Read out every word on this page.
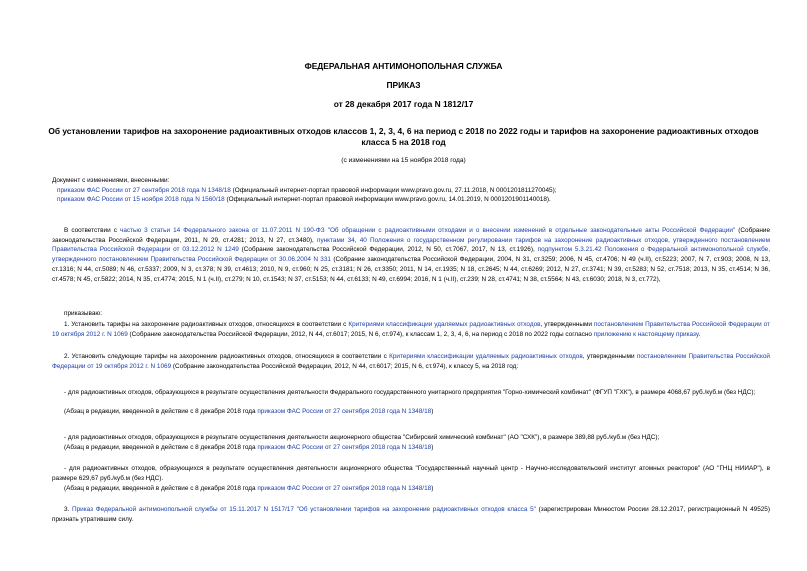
ФЕДЕРАЛЬНАЯ АНТИМОНОПОЛЬНАЯ СЛУЖБА
ПРИКАЗ
от 28 декабря 2017 года N 1812/17
Об установлении тарифов на захоронение радиоактивных отходов классов 1, 2, 3, 4, 6 на период с 2018 по 2022 годы и тарифов на захоронение радиоактивных отходов класса 5 на 2018 год
(с изменениями на 15 ноября 2018 года)
Документ с изменениями, внесенными:
приказом ФАС России от 27 сентября 2018 года N 1348/18 (Официальный интернет-портал правовой информации www.pravo.gov.ru, 27.11.2018, N 0001201811270045);
приказом ФАС России от 15 ноября 2018 года N 1560/18 (Официальный интернет-портал правовой информации www.pravo.gov.ru, 14.01.2019, N 0001201901140018).
В соответствии с частью 3 статьи 14 Федерального закона от 11.07.2011 N 190-ФЗ "Об обращении с радиоактивными отходами и о внесении изменений в отдельные законодательные акты Российской Федерации" (Собрание законодательства Российской Федерации, 2011, N 29, ст.4281; 2013, N 27, ст.3480), пунктами 34, 40 Положения о государственном регулировании тарифов на захоронение радиоактивных отходов, утвержденного постановлением Правительства Российской Федерации от 03.12.2012 N 1249 (Собрание законодательства Российской Федерации, 2012, N 50, ст.7067, 2017, N 13, ст.1926), подпунктом 5.3.21.42 Положения о Федеральной антимонопольной службе, утвержденного постановлением Правительства Российской Федерации от 30.06.2004 N 331 (Собрание законодательства Российской Федерации, 2004, N 31, ст.3259; 2006, N 45, ст.4706; N 49 (ч.II), ст.5223; 2007, N 7, ст.903; 2008, N 13, ст.1316; N 44, ст.5089; N 46, ст.5337; 2009, N 3, ст.378; N 39, ст.4613; 2010, N 9, ст.960; N 25, ст.3181; N 26, ст.3350; 2011, N 14, ст.1935; N 18, ст.2645; N 44, ст.6269; 2012, N 27, ст.3741; N 39, ст.5283; N 52, ст.7518; 2013, N 35, ст.4514; N 36, ст.4578; N 45, ст.5822; 2014, N 35, ст.4774; 2015, N 1 (ч.II), ст.279; N 10, ст.1543; N 37, ст.5153; N 44, ст.6133; N 49, ст.6994; 2016, N 1 (ч.II), ст.239; N 28, ст.4741; N 38, ст.5564; N 43, ст.6030; 2018, N 3, ст.772),
приказываю:
1. Установить тарифы на захоронение радиоактивных отходов, относящихся в соответствии с Критериями классификации удаляемых радиоактивных отходов, утвержденными постановлением Правительства Российской Федерации от 19 октября 2012 г. N 1069 (Собрание законодательства Российской Федерации, 2012, N 44, ст.6017; 2015, N 6, ст.974), к классам 1, 2, 3, 4, 6, на период с 2018 по 2022 годы согласно приложению к настоящему приказу.
2. Установить следующие тарифы на захоронение радиоактивных отходов, относящихся в соответствии с Критериями классификации удаляемых радиоактивных отходов, утвержденными постановлением Правительства Российской Федерации от 19 октября 2012 г. N 1069 (Собрание законодательства Российской Федерации, 2012, N 44, ст.6017; 2015, N 6, ст.974), к классу 5, на 2018 год:
- для радиоактивных отходов, образующихся в результате осуществления деятельности Федерального государственного унитарного предприятия "Горно-химический комбинат" (ФГУП "ГХК"), в размере 4068,67 руб./куб.м (без НДС);
(Абзац в редакции, введенной в действие с 8 декабря 2018 года приказом ФАС России от 27 сентября 2018 года N 1348/18)
- для радиоактивных отходов, образующихся в результате осуществления деятельности акционерного общества "Сибирский химический комбинат" (АО "СХК"), в размере 389,88 руб./куб.м (без НДС);
(Абзац в редакции, введенной в действие с 8 декабря 2018 года приказом ФАС России от 27 сентября 2018 года N 1348/18)
- для радиоактивных отходов, образующихся в результате осуществления деятельности акционерного общества "Государственный научный центр - Научно-исследовательский институт атомных реакторов" (АО "ГНЦ НИИАР"), в размере 629,67 руб./куб.м (без НДС).
(Абзац в редакции, введенной в действие с 8 декабря 2018 года приказом ФАС России от 27 сентября 2018 года N 1348/18)
3. Приказ Федеральной антимонопольной службы от 15.11.2017 N 1517/17 "Об установлении тарифов на захоронение радиоактивных отходов класса 5" (зарегистрирован Минюстом России 28.12.2017, регистрационный N 49525) признать утратившим силу.
